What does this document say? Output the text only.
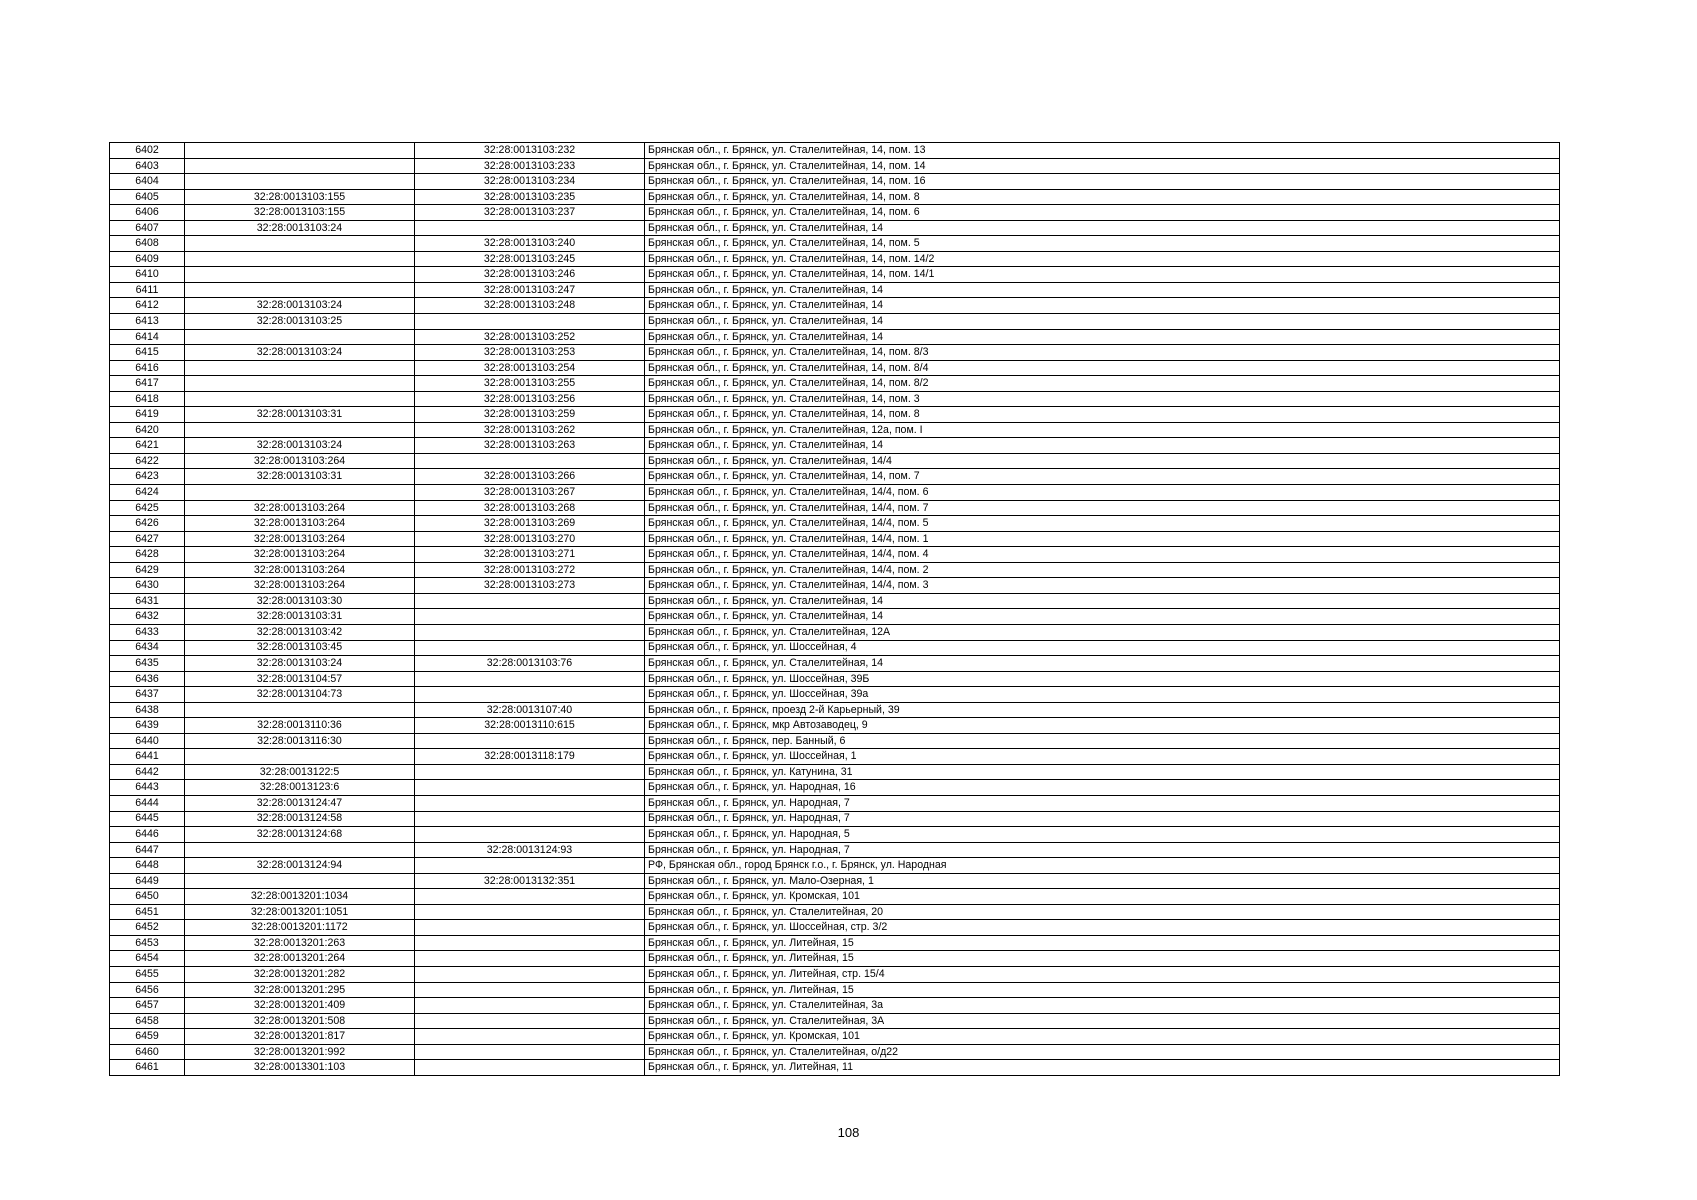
6402		32:28:0013103:232	Брянская обл., г. Брянск, ул. Сталелитейная, 14, пом. 13
6403		32:28:0013103:233	Брянская обл., г. Брянск, ул. Сталелитейная, 14, пом. 14
6404		32:28:0013103:234	Брянская обл., г. Брянск, ул. Сталелитейная, 14, пом. 16
6405	32:28:0013103:155	32:28:0013103:235	Брянская обл., г. Брянск, ул. Сталелитейная, 14, пом. 8
6406	32:28:0013103:155	32:28:0013103:237	Брянская обл., г. Брянск, ул. Сталелитейная, 14, пом. 6
6407	32:28:0013103:24		Брянская обл., г. Брянск, ул. Сталелитейная, 14
6408		32:28:0013103:240	Брянская обл., г. Брянск, ул. Сталелитейная, 14, пом. 5
6409		32:28:0013103:245	Брянская обл., г. Брянск, ул. Сталелитейная, 14, пом. 14/2
6410		32:28:0013103:246	Брянская обл., г. Брянск, ул. Сталелитейная, 14, пом. 14/1
6411		32:28:0013103:247	Брянская обл., г. Брянск, ул. Сталелитейная, 14
6412	32:28:0013103:24	32:28:0013103:248	Брянская обл., г. Брянск, ул. Сталелитейная, 14
6413	32:28:0013103:25		Брянская обл., г. Брянск, ул. Сталелитейная, 14
6414		32:28:0013103:252	Брянская обл., г. Брянск, ул. Сталелитейная, 14
6415	32:28:0013103:24	32:28:0013103:253	Брянская обл., г. Брянск, ул. Сталелитейная, 14, пом. 8/3
6416		32:28:0013103:254	Брянская обл., г. Брянск, ул. Сталелитейная, 14, пом. 8/4
6417		32:28:0013103:255	Брянская обл., г. Брянск, ул. Сталелитейная, 14, пом. 8/2
6418		32:28:0013103:256	Брянская обл., г. Брянск, ул. Сталелитейная, 14, пом. 3
6419	32:28:0013103:31	32:28:0013103:259	Брянская обл., г. Брянск, ул. Сталелитейная, 14, пом. 8
6420		32:28:0013103:262	Брянская обл., г. Брянск, ул. Сталелитейная, 12а, пом. I
6421	32:28:0013103:24	32:28:0013103:263	Брянская обл., г. Брянск, ул. Сталелитейная, 14
6422	32:28:0013103:264		Брянская обл., г. Брянск, ул. Сталелитейная, 14/4
6423	32:28:0013103:31	32:28:0013103:266	Брянская обл., г. Брянск, ул. Сталелитейная, 14, пом. 7
6424		32:28:0013103:267	Брянская обл., г. Брянск, ул. Сталелитейная, 14/4, пом. 6
6425	32:28:0013103:264	32:28:0013103:268	Брянская обл., г. Брянск, ул. Сталелитейная, 14/4, пом. 7
6426	32:28:0013103:264	32:28:0013103:269	Брянская обл., г. Брянск, ул. Сталелитейная, 14/4, пом. 5
6427	32:28:0013103:264	32:28:0013103:270	Брянская обл., г. Брянск, ул. Сталелитейная, 14/4, пом. 1
6428	32:28:0013103:264	32:28:0013103:271	Брянская обл., г. Брянск, ул. Сталелитейная, 14/4, пом. 4
6429	32:28:0013103:264	32:28:0013103:272	Брянская обл., г. Брянск, ул. Сталелитейная, 14/4, пом. 2
6430	32:28:0013103:264	32:28:0013103:273	Брянская обл., г. Брянск, ул. Сталелитейная, 14/4, пом. 3
6431	32:28:0013103:30		Брянская обл., г. Брянск, ул. Сталелитейная, 14
6432	32:28:0013103:31		Брянская обл., г. Брянск, ул. Сталелитейная, 14
6433	32:28:0013103:42		Брянская обл., г. Брянск, ул. Сталелитейная, 12А
6434	32:28:0013103:45		Брянская обл., г. Брянск, ул. Шоссейная, 4
6435	32:28:0013103:24	32:28:0013103:76	Брянская обл., г. Брянск, ул. Сталелитейная, 14
6436	32:28:0013104:57		Брянская обл., г. Брянск, ул. Шоссейная, 39Б
6437	32:28:0013104:73		Брянская обл., г. Брянск, ул. Шоссейная, 39а
6438		32:28:0013107:40	Брянская обл., г. Брянск, проезд 2-й Карьерный, 39
6439	32:28:0013110:36	32:28:0013110:615	Брянская обл., г. Брянск, мкр Автозаводец, 9
6440	32:28:0013116:30		Брянская обл., г. Брянск, пер. Банный, 6
6441		32:28:0013118:179	Брянская обл., г. Брянск, ул. Шоссейная, 1
6442	32:28:0013122:5		Брянская обл., г. Брянск, ул. Катунина, 31
6443	32:28:0013123:6		Брянская обл., г. Брянск, ул. Народная, 16
6444	32:28:0013124:47		Брянская обл., г. Брянск, ул. Народная, 7
6445	32:28:0013124:58		Брянская обл., г. Брянск, ул. Народная, 7
6446	32:28:0013124:68		Брянская обл., г. Брянск, ул. Народная, 5
6447		32:28:0013124:93	Брянская обл., г. Брянск, ул. Народная, 7
6448	32:28:0013124:94		РФ, Брянская обл., город Брянск г.о., г. Брянск, ул. Народная
6449		32:28:0013132:351	Брянская обл., г. Брянск, ул. Мало-Озерная, 1
6450	32:28:0013201:1034		Брянская обл., г. Брянск, ул. Кромская, 101
6451	32:28:0013201:1051		Брянская обл., г. Брянск, ул. Сталелитейная, 20
6452	32:28:0013201:1172		Брянская обл., г. Брянск, ул. Шоссейная, стр. 3/2
6453	32:28:0013201:263		Брянская обл., г. Брянск, ул. Литейная, 15
6454	32:28:0013201:264		Брянская обл., г. Брянск, ул. Литейная, 15
6455	32:28:0013201:282		Брянская обл., г. Брянск, ул. Литейная, стр. 15/4
6456	32:28:0013201:295		Брянская обл., г. Брянск, ул. Литейная, 15
6457	32:28:0013201:409		Брянская обл., г. Брянск, ул. Сталелитейная, 3а
6458	32:28:0013201:508		Брянская обл., г. Брянск, ул. Сталелитейная, 3А
6459	32:28:0013201:817		Брянская обл., г. Брянск, ул. Кромская, 101
6460	32:28:0013201:992		Брянская обл., г. Брянск, ул. Сталелитейная, о/д22
6461	32:28:0013301:103		Брянская обл., г. Брянск, ул. Литейная, 11
108
